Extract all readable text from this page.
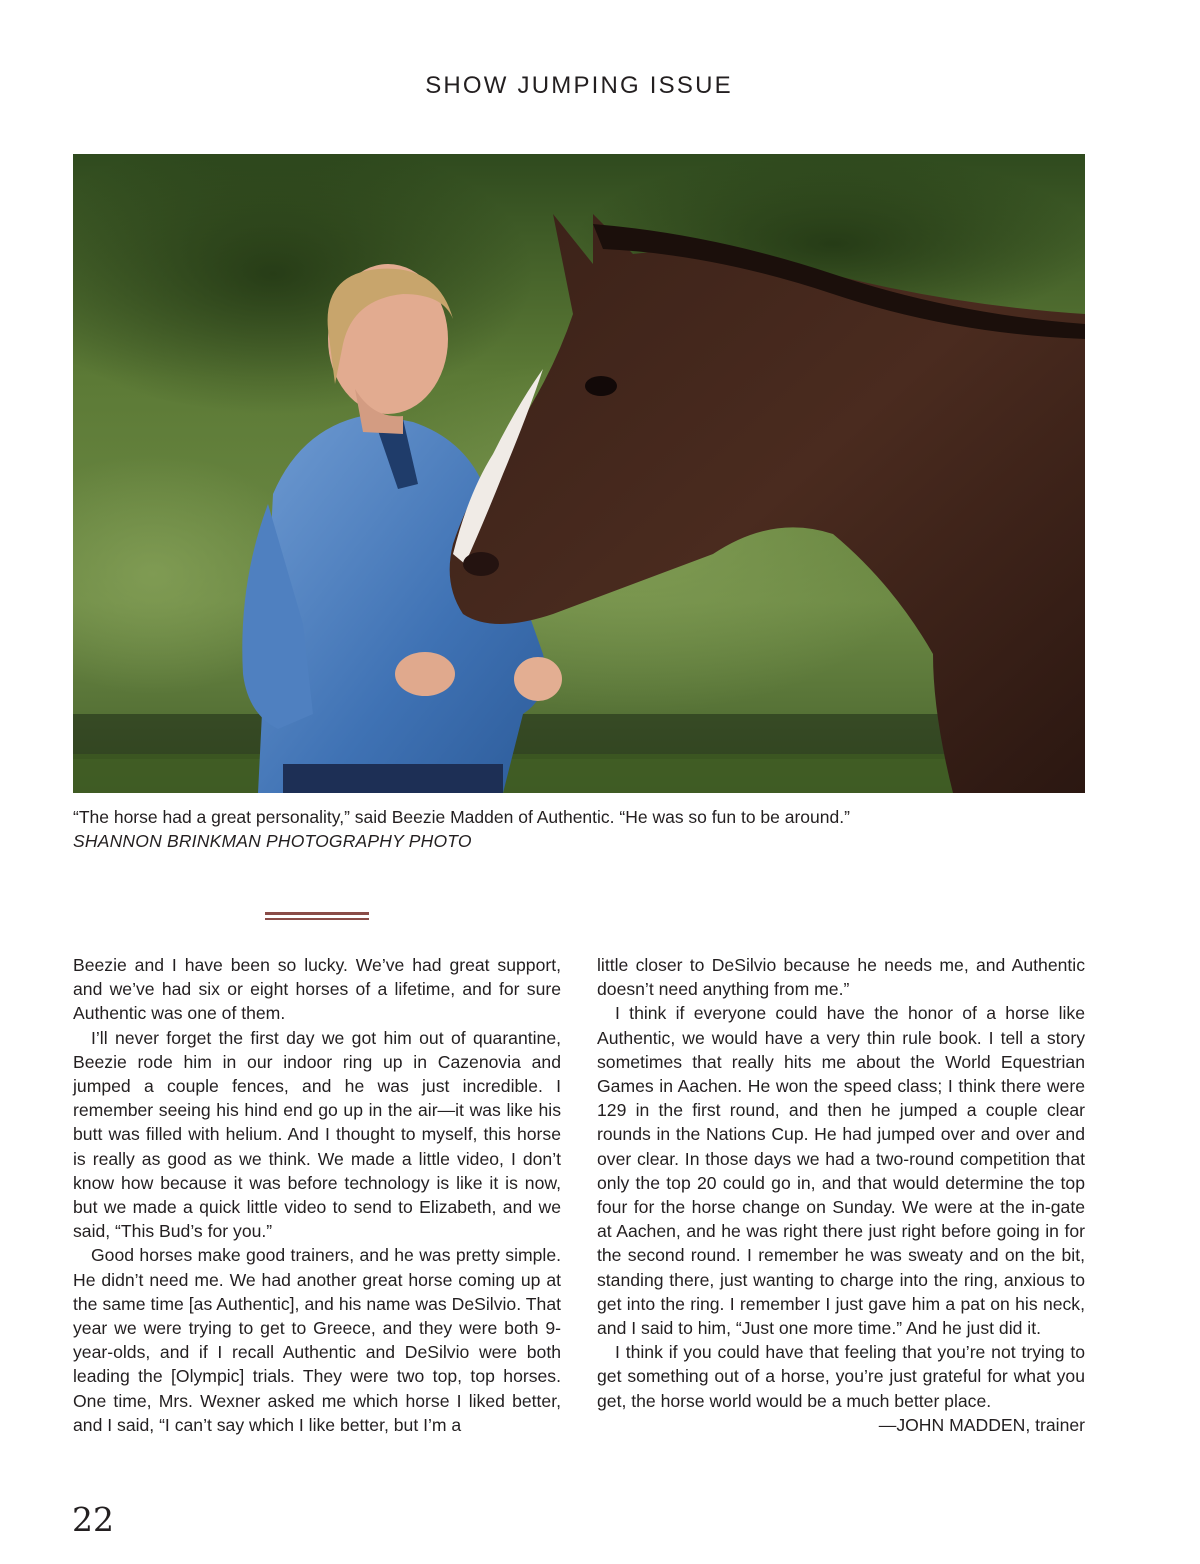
SHOW JUMPING ISSUE
“The horse had a great personality,” said Beezie Madden of Authentic. “He was so fun to be around.”
SHANNON BRINKMAN PHOTOGRAPHY PHOTO

Beezie and I have been so lucky. We’ve had great support, and we’ve had six or eight horses of a lifetime, and for sure Authentic was one of them.

I’ll never forget the first day we got him out of quarantine, Beezie rode him in our indoor ring up in Cazenovia and jumped a couple fences, and he was just incredible. I remember seeing his hind end go up in the air—it was like his butt was filled with helium. And I thought to myself, this horse is really as good as we think. We made a little video, I don’t know how because it was before technology is like it is now, but we made a quick little video to send to Elizabeth, and we said, “This Bud’s for you.”

Good horses make good trainers, and he was pretty simple. He didn’t need me. We had another great horse coming up at the same time [as Authentic], and his name was DeSilvio. That year we were trying to get to Greece, and they were both 9-year-olds, and if I recall Authentic and DeSilvio were both leading the [Olympic] trials. They were two top, top horses. One time, Mrs. Wexner asked me which horse I liked better, and I said, “I can’t say which I like better, but I’m a

little closer to DeSilvio because he needs me, and Authentic doesn’t need anything from me.”

I think if everyone could have the honor of a horse like Authentic, we would have a very thin rule book. I tell a story sometimes that really hits me about the World Equestrian Games in Aachen. He won the speed class; I think there were 129 in the first round, and then he jumped a couple clear rounds in the Nations Cup. He had jumped over and over and over clear. In those days we had a two-round competition that only the top 20 could go in, and that would determine the top four for the horse change on Sunday. We were at the in-gate at Aachen, and he was right there just right before going in for the second round. I remember he was sweaty and on the bit, standing there, just wanting to charge into the ring, anxious to get into the ring. I remember I just gave him a pat on his neck, and I said to him, “Just one more time.” And he just did it.

I think if you could have that feeling that you’re not trying to get something out of a horse, you’re just grateful for what you get, the horse world would be a much better place.

—JOHN MADDEN, trainer

22
